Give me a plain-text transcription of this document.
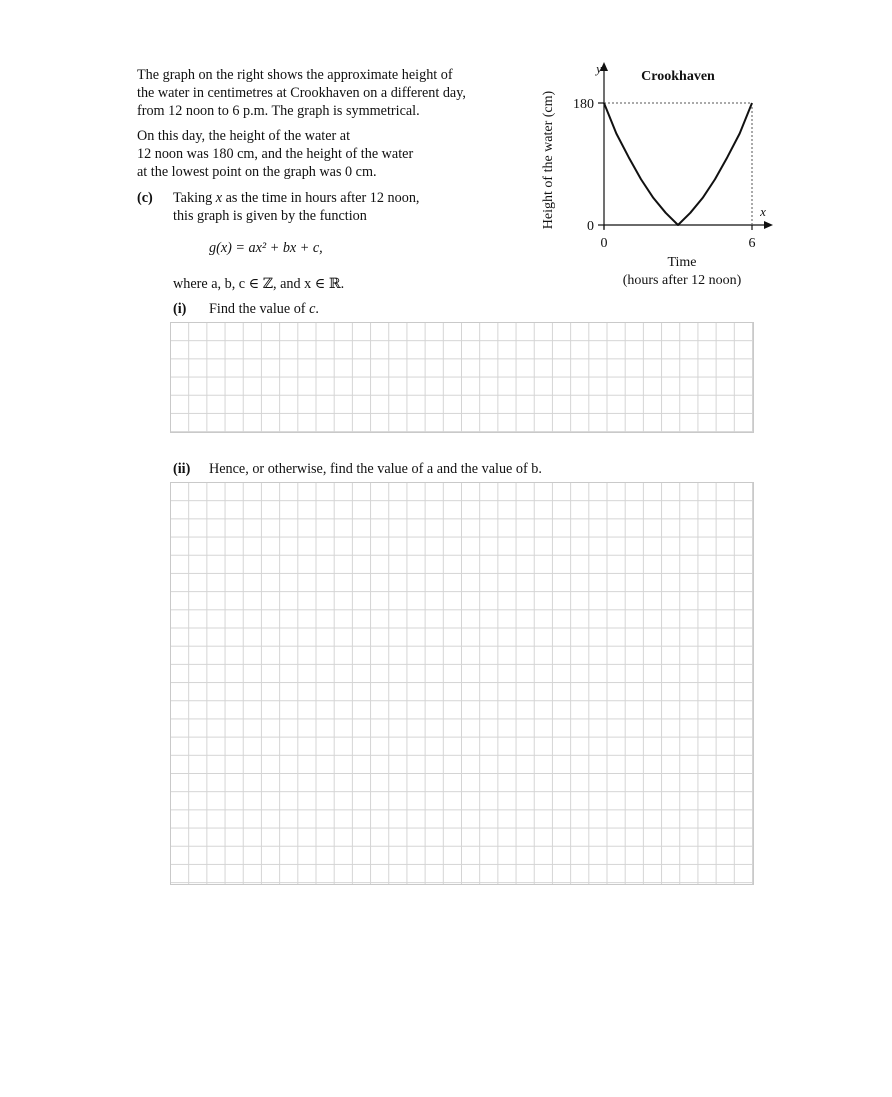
The graph on the right shows the approximate height of

the water in centimetres at Crookhaven on a different day,

from 12 noon to 6 p.m. The graph is symmetrical.

On this day, the height of the water at

12 noon was 180 cm, and the height of the water

at the lowest point on the graph was 0 cm.

(c) Taking x as the time in hours after 12 noon,

this graph is given by the function

g(x) = ax² + bx + c,

where a, b, c ∈ ℤ, and x ∈ ℝ.

(i) Find the value of c.

(ii) Hence, or otherwise, find the value of a and the value of b.

Crookhaven
Height of the water (cm)
Time
(hours after 12 noon)
y
x
0
180
0	6
